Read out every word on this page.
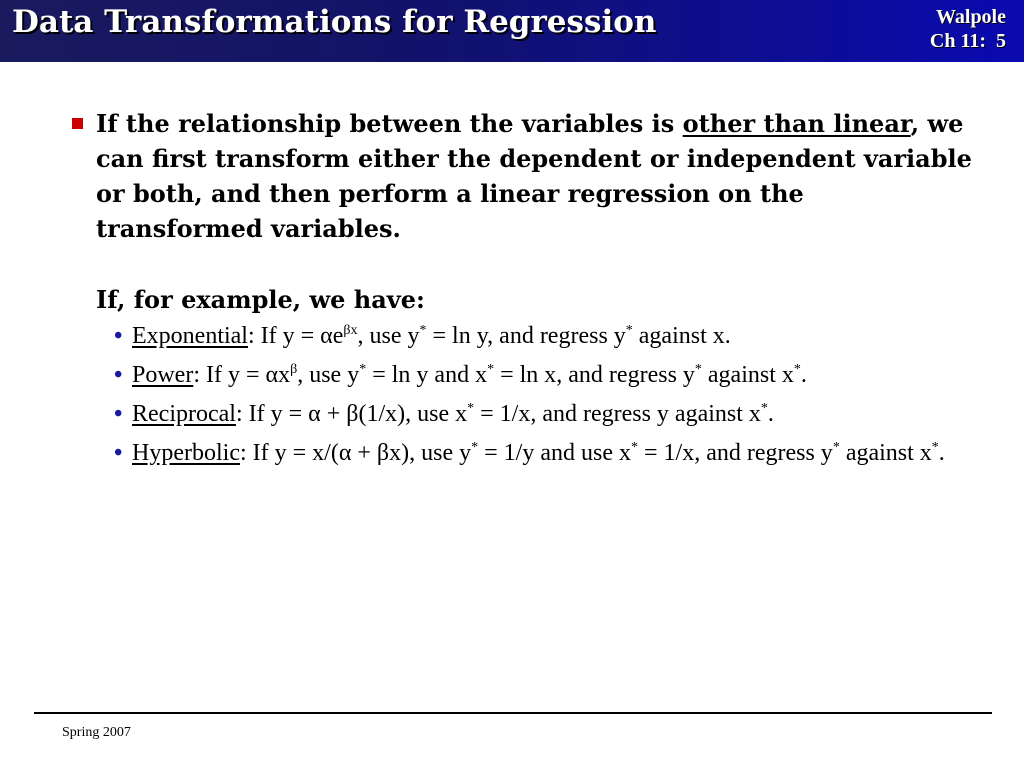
Data Transformations for Regression	Walpole
Ch 11:  5

If the relationship between the variables is other than linear, we can first transform either the dependent or independent variable or both, and then perform a linear regression on the transformed variables.

If, for example, we have:

• Exponential: If $y = \alpha e^{\beta x}$, use y* = ln y, and regress y* against x.
• Power: If $y = \alpha x^\beta$, use y* = ln y and x* = ln x, and regress y* against x*.
• Reciprocal: If y = α + β(1/x), use x* = 1/x, and regress y against x*.
• Hyperbolic: If y = x/(α + βx), use y* = 1/y and use x* = 1/x, and regress y* against x*.
Spring 2007
